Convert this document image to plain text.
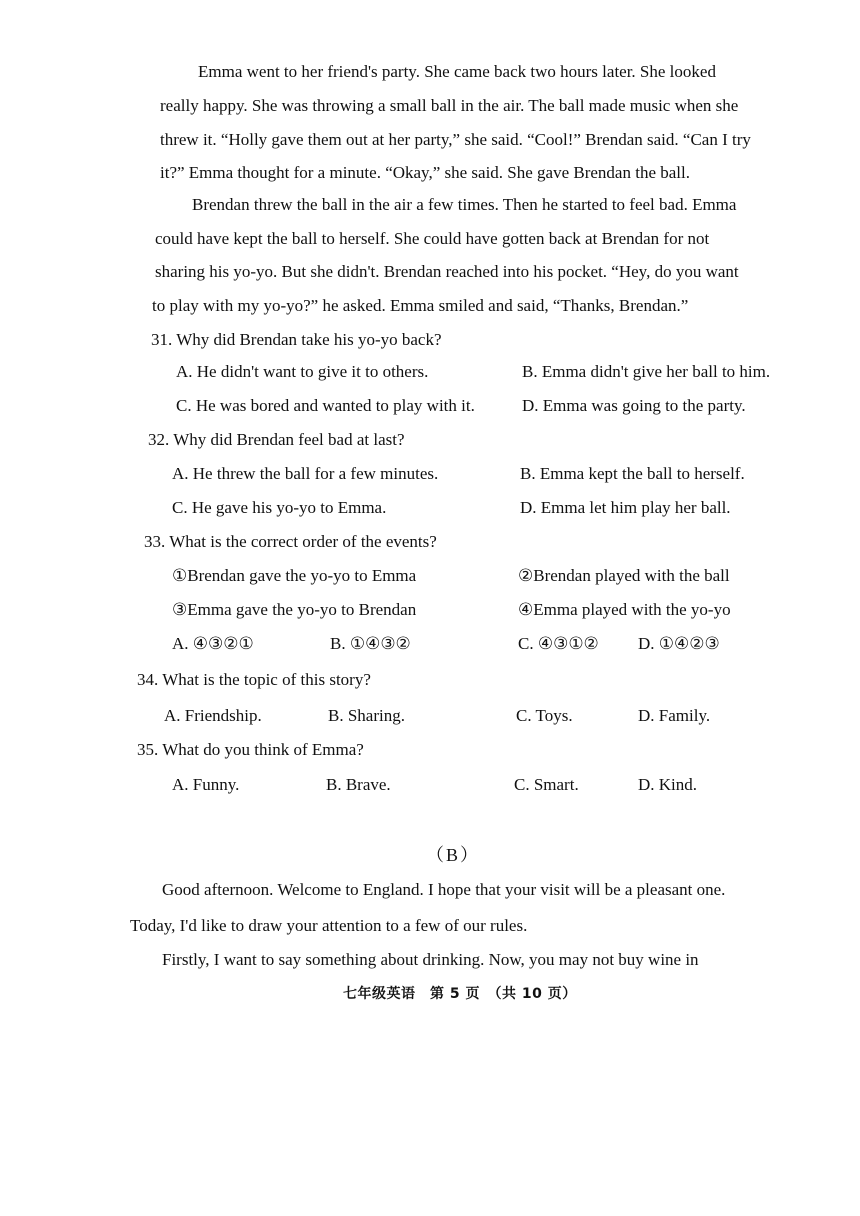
Emma went to her friend's party. She came back two hours later. She looked
really happy. She was throwing a small ball in the air. The ball made music when she
threw it. “Holly gave them out at her party,” she said. “Cool!” Brendan said. “Can I try
it?” Emma thought for a minute. “Okay,” she said. She gave Brendan the ball.
Brendan threw the ball in the air a few times. Then he started to feel bad. Emma
could have kept the ball to herself. She could have gotten back at Brendan for not
sharing his yo-yo. But she didn't. Brendan reached into his pocket. “Hey, do you want
to play with my yo-yo?” he asked. Emma smiled and said, “Thanks, Brendan.”
31. Why did Brendan take his yo-yo back?
A. He didn't want to give it to others.	B. Emma didn't give her ball to him.
C. He was bored and wanted to play with it.	D. Emma was going to the party.
32. Why did Brendan feel bad at last?
A. He threw the ball for a few minutes.	B. Emma kept the ball to herself.
C. He gave his yo-yo to Emma.	D. Emma let him play her ball.
33. What is the correct order of the events?
①Brendan gave the yo-yo to Emma	②Brendan played with the ball
③Emma gave the yo-yo to Brendan	④Emma played with the yo-yo
A. ④③②①	B. ①④③②	C. ④③①② D. ①④②③
34. What is the topic of this story?
A. Friendship.	B. Sharing.	C. Toys.	D. Family.
35. What do you think of Emma?
A. Funny.	B. Brave.	C. Smart.	D. Kind.
（B）
Good afternoon. Welcome to England. I hope that your visit will be a pleasant one.
Today, I'd like to draw your attention to a few of our rules.
Firstly, I want to say something about drinking. Now, you may not buy wine in
七年级英语　第 5 页　（共 10 页）
